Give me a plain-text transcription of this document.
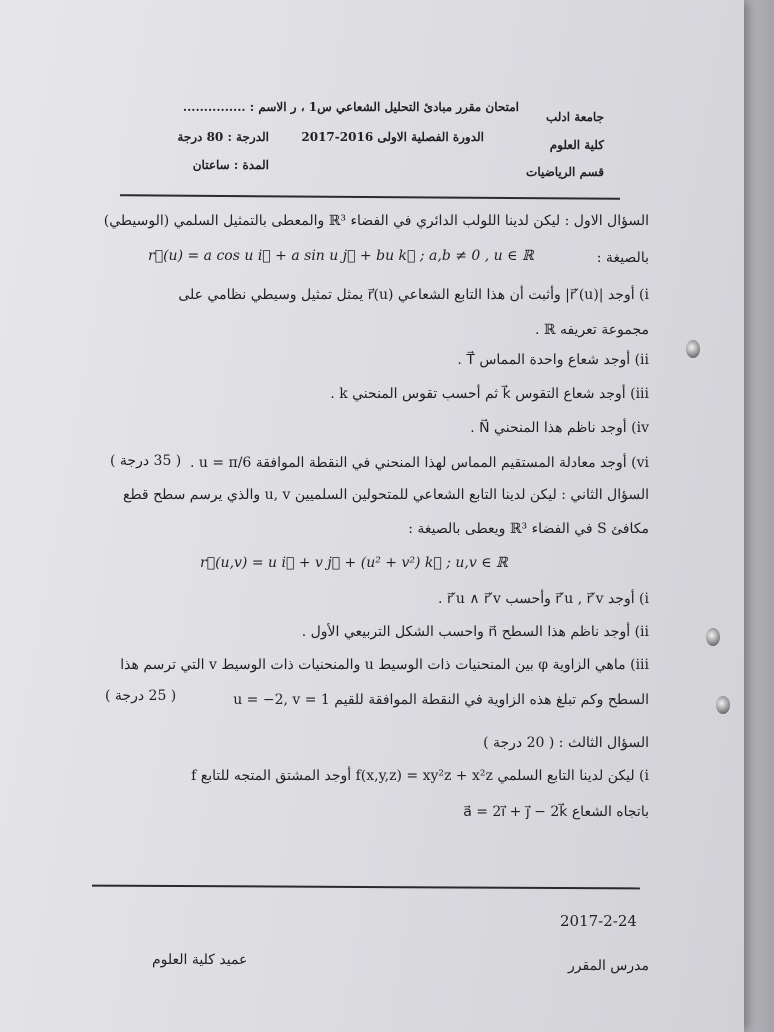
امتحان مقرر مبادئ التحليل الشعاعي س1 ، ر الاسم : ...............
جامعة ادلب
الدورة الفصلية الاولى 2016-2017
الدرجة : 80 درجة
كلية العلوم
المدة : ساعتان	قسم الرياضيات
السؤال الاول : ليكن لدينا اللولب الدائري في الفضاء ℝ³ والمعطى بالتمثيل السلمي (الوسيطي)
بالصيغة :
r⃗(u) = a cos u i⃗ + a sin u j⃗ + bu k⃗ ; a,b ≠ 0 , u ∈ ℝ
i) أوجد |r⃗′(u)| وأثبت أن هذا التابع الشعاعي r⃗(u) يمثل تمثيل وسيطي نظامي على
مجموعة تعريفه ℝ .
ii) أوجد شعاع واحدة المماس T⃗ .
iii) أوجد شعاع التقوس k⃗ ثم أحسب تقوس المنحني k .
iv) أوجد ناظم هذا المنحني N⃗ .
vi) أوجد معادلة المستقيم المماس لهذا المنحني في النقطة الموافقة u = π/6 .
( 35 درجة )
السؤال الثاني : ليكن لدينا التابع الشعاعي للمتحولين السلميين u, v والذي يرسم سطح قطع
مكافئ S في الفضاء ℝ³ ويعطى بالصيغة :
r⃗(u,v) = u i⃗ + v j⃗ + (u² + v²) k⃗ ; u,v ∈ ℝ
i) أوجد r⃗′u , r⃗′v وأحسب r⃗′u ∧ r⃗′v .
ii) أوجد ناظم هذا السطح n⃗ واحسب الشكل التربيعي الأول .
iii) ماهي الزاوية φ بين المنحنيات ذات الوسيط u والمنحنيات ذات الوسيط v التي ترسم هذا
السطح وكم تبلغ هذه الزاوية في النقطة الموافقة للقيم u = −2, v = 1
( 25 درجة )
السؤال الثالث : ( 20 درجة )
i) ليكن لدينا التابع السلمي f(x,y,z) = xy²z + x²z أوجد المشتق المتجه للتابع f
باتجاه الشعاع a⃗ = 2i⃗ + j⃗ − 2k⃗
2017-2-24
عميد كلية العلوم	مدرس المقرر
